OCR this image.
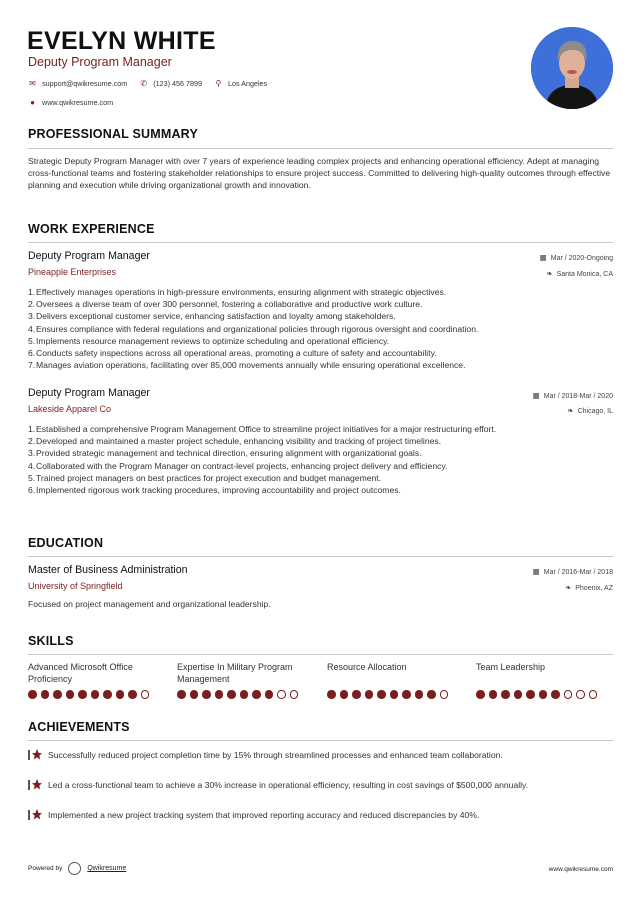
EVELYN WHITE
Deputy Program Manager
✉ support@qwikresume.com ✆ (123) 456 7899 ⚲ Los Angeles
● www.qwikresume.com
PROFESSIONAL SUMMARY
Strategic Deputy Program Manager with over 7 years of experience leading complex projects and enhancing operational efficiency. Adept at managing cross-functional teams and fostering stakeholder relationships to ensure project success. Committed to delivering high-quality outcomes through effective planning and execution while driving organizational growth and innovation.
WORK EXPERIENCE
Deputy Program Manager	▦ Mar / 2020-Ongoing
Pineapple Enterprises	❧ Santa Monica, CA
1. Effectively manages operations in high-pressure environments, ensuring alignment with strategic objectives.
2. Oversees a diverse team of over 300 personnel, fostering a collaborative and productive work culture.
3. Delivers exceptional customer service, enhancing satisfaction and loyalty among stakeholders.
4. Ensures compliance with federal regulations and organizational policies through rigorous oversight and coordination.
5. Implements resource management reviews to optimize scheduling and operational efficiency.
6. Conducts safety inspections across all operational areas, promoting a culture of safety and accountability.
7. Manages aviation operations, facilitating over 85,000 movements annually while ensuring operational excellence.
Deputy Program Manager	▦ Mar / 2018-Mar / 2020
Lakeside Apparel Co	❧ Chicago, IL
1. Established a comprehensive Program Management Office to streamline project initiatives for a major restructuring effort.
2. Developed and maintained a master project schedule, enhancing visibility and tracking of project timelines.
3. Provided strategic management and technical direction, ensuring alignment with organizational goals.
4. Collaborated with the Program Manager on contract-level projects, enhancing project delivery and efficiency.
5. Trained project managers on best practices for project execution and budget management.
6. Implemented rigorous work tracking procedures, improving accountability and project outcomes.
EDUCATION
Master of Business Administration	▦ Mar / 2016-Mar / 2018
University of Springfield	❧ Phoenix, AZ
Focused on project management and organizational leadership.
SKILLS
Advanced Microsoft Office Proficiency
Expertise In Military Program Management
Resource Allocation	Team Leadership
ACHIEVEMENTS
Successfully reduced project completion time by 15% through streamlined processes and enhanced team collaboration.
Led a cross-functional team to achieve a 30% increase in operational efficiency, resulting in cost savings of $500,000 annually.
Implemented a new project tracking system that improved reporting accuracy and reduced discrepancies by 40%.
Powered by	Qwikresume	www.qwikresume.com
